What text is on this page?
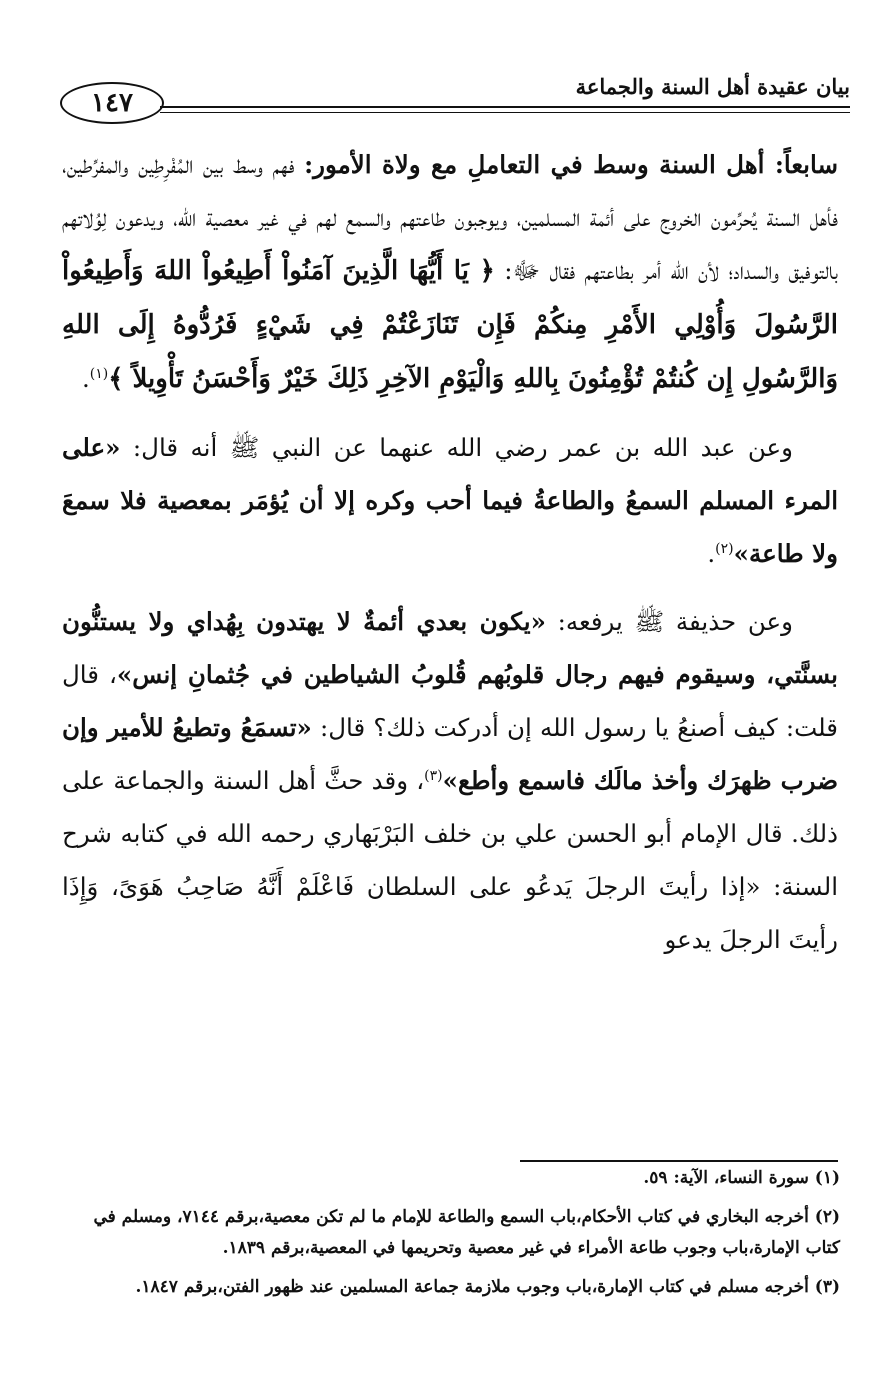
١٤٧
بيان عقيدة أهل السنة والجماعة

سابعاً: أهل السنة وسط في التعاملِ مع ولاة الأمور: فهم وسط بين المُفْرِطِين والمفرِّطين، فأهل السنة يُحرِّمون الخروج على أئمة المسلمين، ويوجبون طاعتهم والسمع لهم في غير معصية الله، ويدعون لِوُلاتهم بالتوفيق والسداد؛ لأن الله أمر بطاعتهم فقال ﷻ: ﴿ يَا أَيُّهَا الَّذِينَ آمَنُواْ أَطِيعُواْ اللهَ وَأَطِيعُواْ الرَّسُولَ وَأُوْلِي الأَمْرِ مِنكُمْ فَإِن تَنَازَعْتُمْ فِي شَيْءٍ فَرُدُّوهُ إِلَى اللهِ وَالرَّسُولِ إِن كُنتُمْ تُؤْمِنُونَ بِاللهِ وَالْيَوْمِ الآخِرِ ذَلِكَ خَيْرٌ وَأَحْسَنُ تَأْوِيلاً ﴾$^{(١)}$.

وعن عبد الله بن عمر رضي الله عنهما عن النبي ﷺ أنه قال: «على المرء المسلم السمعُ والطاعةُ فيما أحب وكره إلا أن يُؤمَر بمعصية فلا سمعَ ولا طاعة»$^{(٢)}$.

وعن حذيفة ﷺ يرفعه: «يكون بعدي أئمةٌ لا يهتدون بِهُداي ولا يستنُّون بسنَّتي، وسيقوم فيهم رجال قلوبُهم قُلوبُ الشياطين في جُثمانِ إنس»، قال قلت: كيف أصنعُ يا رسول الله إن أدركت ذلك؟ قال: «تسمَعُ وتطيعُ للأمير وإن ضرب ظهرَك وأخذ مالَك فاسمع وأطع»$^{(٣)}$، وقد حثَّ أهل السنة والجماعة على ذلك. قال الإمام أبو الحسن علي بن خلف البَرْبَهاري رحمه الله في كتابه شرح السنة: «إذا رأيتَ الرجلَ يَدعُو على السلطان فَاعْلَمْ أَنَّهُ صَاحِبُ هَوَىً، وَإِذَا رأيتَ الرجلَ يدعو

(١) سورة النساء، الآية: ٥٩.
(٢) أخرجه البخاري في كتاب الأحكام،باب السمع والطاعة للإمام ما لم تكن معصية،برقم ٧١٤٤، ومسلم في كتاب الإمارة،باب وجوب طاعة الأمراء في غير معصية وتحريمها في المعصية،برقم ١٨٣٩.
(٣) أخرجه مسلم في كتاب الإمارة،باب وجوب ملازمة جماعة المسلمين عند ظهور الفتن،برقم ١٨٤٧.
